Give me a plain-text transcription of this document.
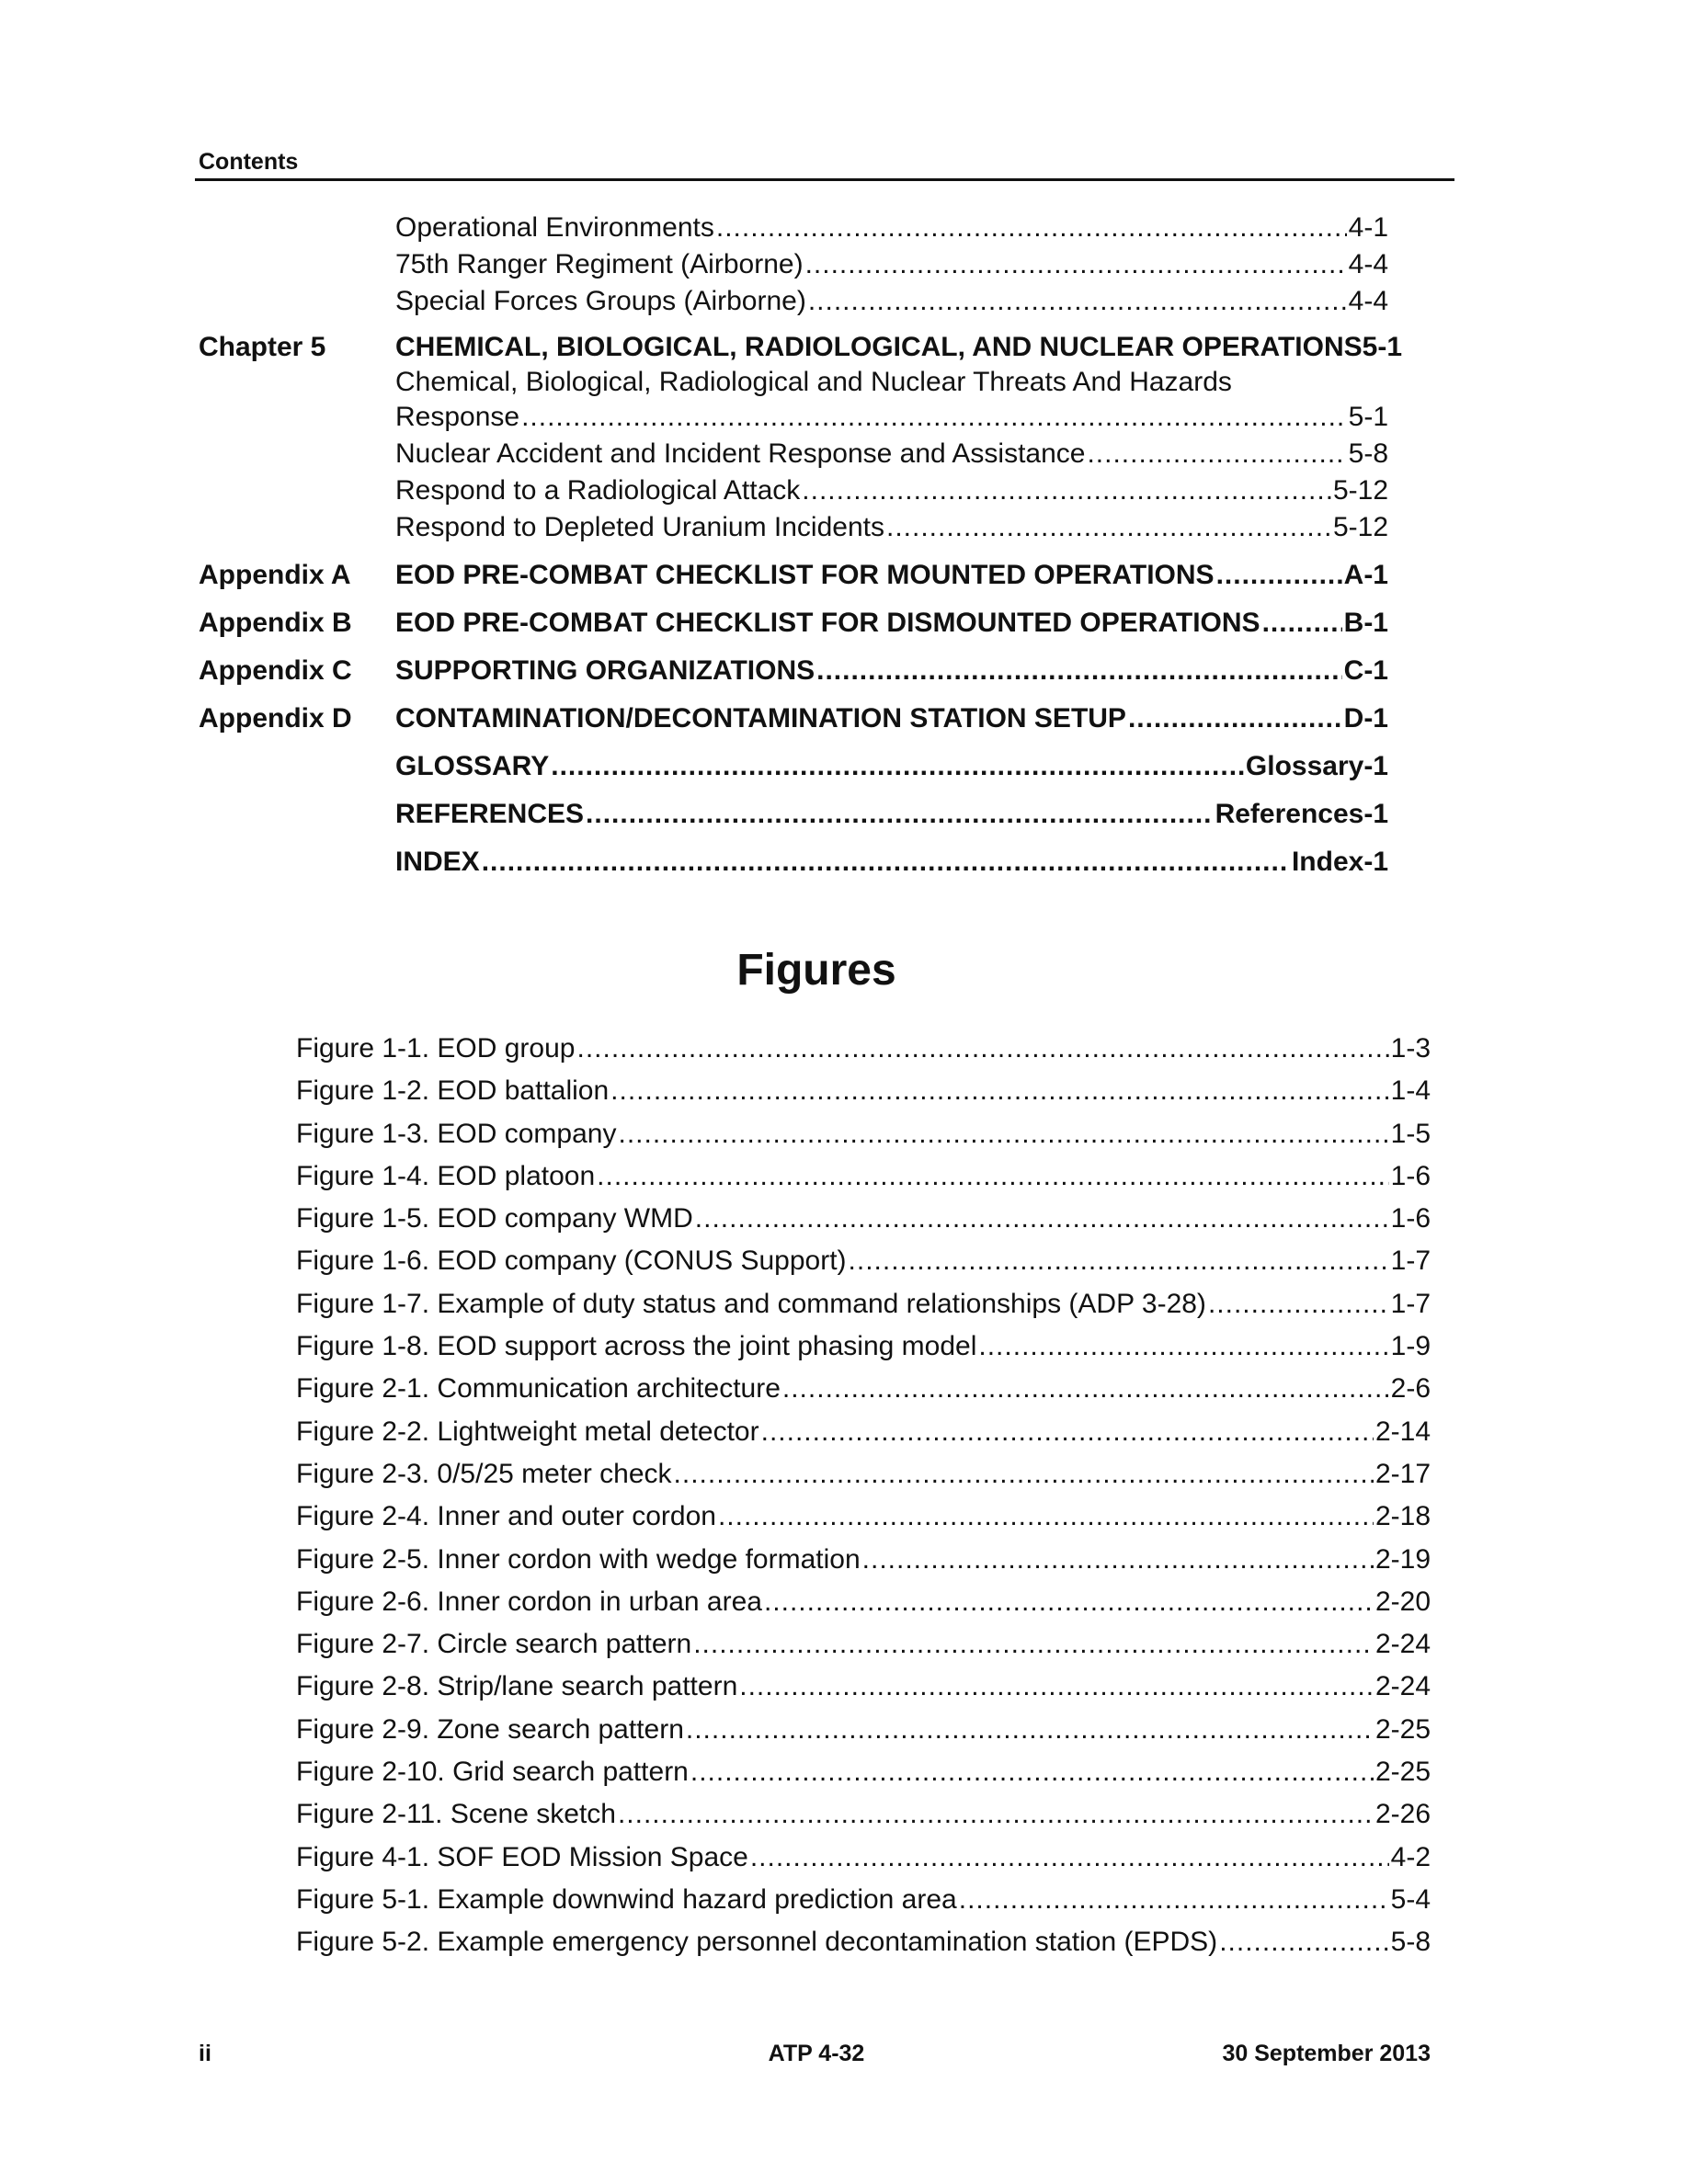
Contents
Operational Environments .....	4-1
75th Ranger Regiment (Airborne) .....	4-4
Special Forces Groups (Airborne) .....	4-4
Chapter 5	CHEMICAL, BIOLOGICAL, RADIOLOGICAL, AND NUCLEAR OPERATIONS 5-1
Chemical, Biological, Radiological and Nuclear Threats And Hazards
Response .....	5-1
Nuclear Accident and Incident Response and Assistance .....	5-8
Respond to a Radiological Attack .....	5-12
Respond to Depleted Uranium Incidents .....	5-12
Appendix A	EOD PRE-COMBAT CHECKLIST FOR MOUNTED OPERATIONS .....	A-1
Appendix B	EOD PRE-COMBAT CHECKLIST FOR DISMOUNTED OPERATIONS .....	B-1
Appendix C	SUPPORTING ORGANIZATIONS .....	C-1
Appendix D	CONTAMINATION/DECONTAMINATION STATION SETUP .....	D-1
GLOSSARY .....	Glossary-1
REFERENCES .....	References-1
INDEX .....	Index-1
Figures
Figure 1-1. EOD group .....	1-3
Figure 1-2. EOD battalion .....	1-4
Figure 1-3. EOD company .....	1-5
Figure 1-4. EOD platoon .....	1-6
Figure 1-5. EOD company WMD .....	1-6
Figure 1-6. EOD company (CONUS Support) .....	1-7
Figure 1-7. Example of duty status and command relationships (ADP 3-28) .....	1-7
Figure 1-8. EOD support across the joint phasing model .....	1-9
Figure 2-1. Communication architecture .....	2-6
Figure 2-2. Lightweight metal detector .....	2-14
Figure 2-3. 0/5/25 meter check .....	2-17
Figure 2-4. Inner and outer cordon .....	2-18
Figure 2-5. Inner cordon with wedge formation .....	2-19
Figure 2-6. Inner cordon in urban area .....	2-20
Figure 2-7. Circle search pattern .....	2-24
Figure 2-8. Strip/lane search pattern .....	2-24
Figure 2-9. Zone search pattern .....	2-25
Figure 2-10. Grid search pattern .....	2-25
Figure 2-11. Scene sketch .....	2-26
Figure 4-1. SOF EOD Mission Space .....	4-2
Figure 5-1. Example downwind hazard prediction area .....	5-4
Figure 5-2. Example emergency personnel decontamination station (EPDS) .....	5-8
ii	ATP 4-32	30 September 2013
